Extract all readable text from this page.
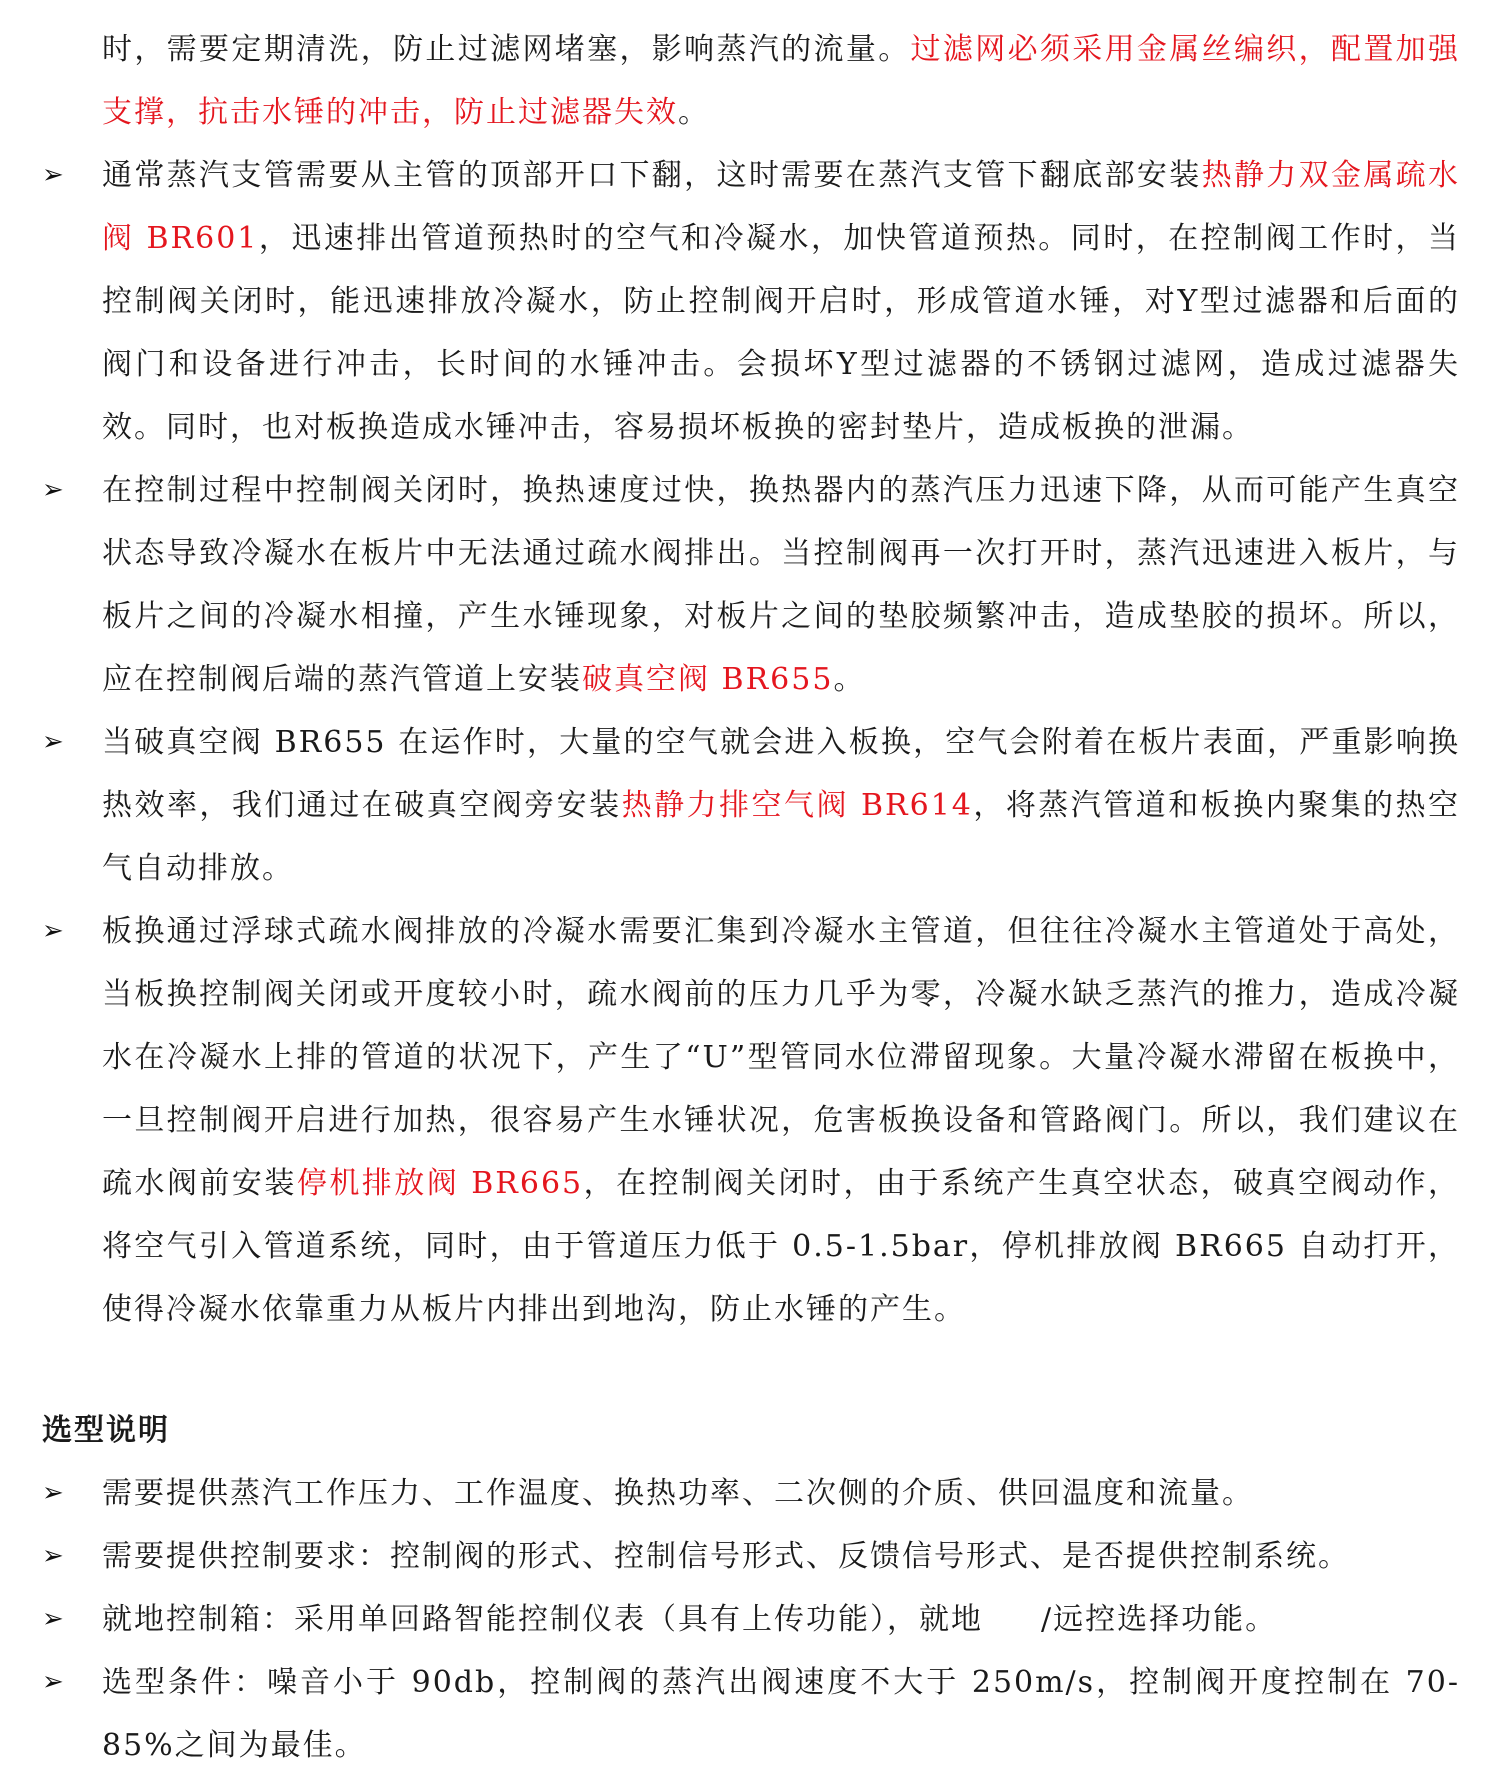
时，需要定期清洗，防止过滤网堵塞，影响蒸汽的流量。过滤网必须采用金属丝编织，配置加强支撑，抗击水锤的冲击，防止过滤器失效。

➢ 通常蒸汽支管需要从主管的顶部开口下翻，这时需要在蒸汽支管下翻底部安装热静力双金属疏水阀 BR601，迅速排出管道预热时的空气和冷凝水，加快管道预热。同时，在控制阀工作时，当控制阀关闭时，能迅速排放冷凝水，防止控制阀开启时，形成管道水锤，对Y型过滤器和后面的阀门和设备进行冲击，长时间的水锤冲击。会损坏Y型过滤器的不锈钢过滤网，造成过滤器失效。同时，也对板换造成水锤冲击，容易损坏板换的密封垫片，造成板换的泄漏。
➢ 在控制过程中控制阀关闭时，换热速度过快，换热器内的蒸汽压力迅速下降，从而可能产生真空状态导致冷凝水在板片中无法通过疏水阀排出。当控制阀再一次打开时，蒸汽迅速进入板片，与板片之间的冷凝水相撞，产生水锤现象，对板片之间的垫胶频繁冲击，造成垫胶的损坏。所以，应在控制阀后端的蒸汽管道上安装破真空阀 BR655。
➢ 当破真空阀 BR655 在运作时，大量的空气就会进入板换，空气会附着在板片表面，严重影响换热效率，我们通过在破真空阀旁安装热静力排空气阀 BR614，将蒸汽管道和板换内聚集的热空气自动排放。
➢ 板换通过浮球式疏水阀排放的冷凝水需要汇集到冷凝水主管道，但往往冷凝水主管道处于高处，当板换控制阀关闭或开度较小时，疏水阀前的压力几乎为零，冷凝水缺乏蒸汽的推力，造成冷凝水在冷凝水上排的管道的状况下，产生了“U”型管同水位滞留现象。大量冷凝水滞留在板换中，一旦控制阀开启进行加热，很容易产生水锤状况，危害板换设备和管路阀门。所以，我们建议在疏水阀前安装停机排放阀 BR665，在控制阀关闭时，由于系统产生真空状态，破真空阀动作，将空气引入管道系统，同时，由于管道压力低于 0.5-1.5bar，停机排放阀 BR665 自动打开，使得冷凝水依靠重力从板片内排出到地沟，防止水锤的产生。
选型说明
➢ 需要提供蒸汽工作压力、工作温度、换热功率、二次侧的介质、供回温度和流量。
➢ 需要提供控制要求：控制阀的形式、控制信号形式、反馈信号形式、是否提供控制系统。
➢ 就地控制箱：采用单回路智能控制仪表（具有上传功能），就地 /远控选择功能。
➢ 选型条件：噪音小于 90db，控制阀的蒸汽出阀速度不大于 250m/s，控制阀开度控制在 70-85%之间为最佳。
